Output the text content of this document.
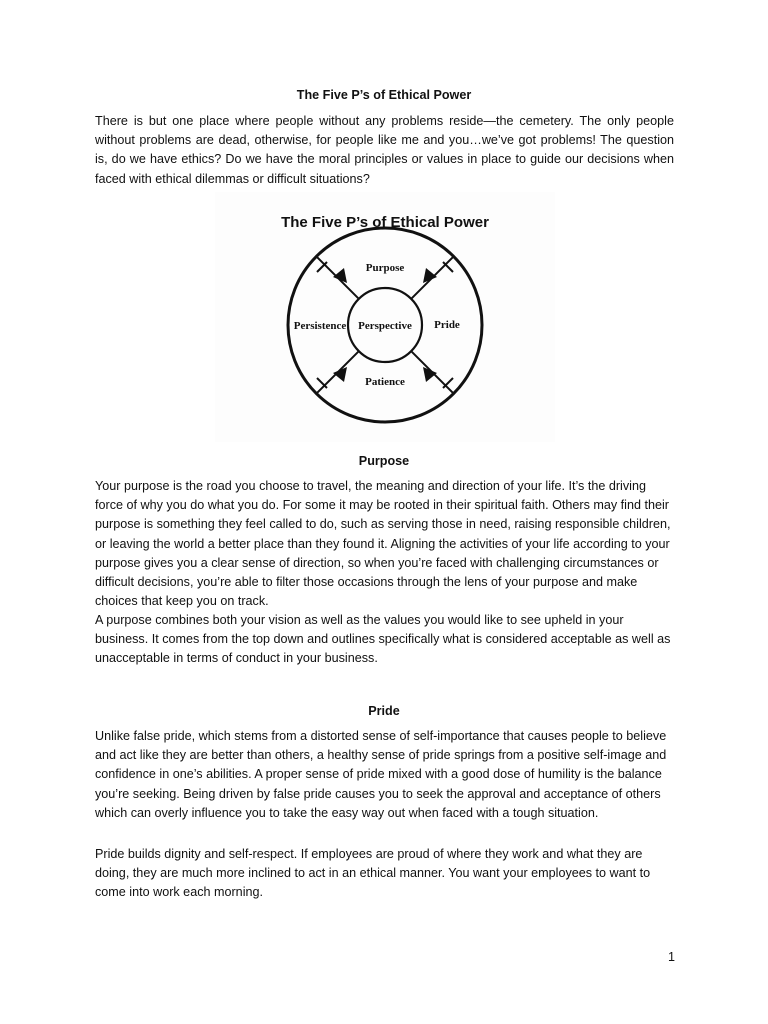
The Five P’s of Ethical Power

There is but one place where people without any problems reside—the cemetery. The only people without problems are dead, otherwise, for people like me and you…we’ve got problems! The question is, do we have ethics? Do we have the moral principles or values in place to guide our decisions when faced with ethical dilemmas or difficult situations?

The Five P’s of Ethical Power
Purpose
Perspective
Persistence	Pride
Patience
Purpose

Your purpose is the road you choose to travel, the meaning and direction of your life. It’s the driving force of why you do what you do. For some it may be rooted in their spiritual faith. Others may find their purpose is something they feel called to do, such as serving those in need, raising responsible children, or leaving the world a better place than they found it. Aligning the activities of your life according to your purpose gives you a clear sense of direction, so when you’re faced with challenging circumstances or difficult decisions, you’re able to filter those occasions through the lens of your purpose and make choices that keep you on track.

A purpose combines both your vision as well as the values you would like to see upheld in your business. It comes from the top down and outlines specifically what is considered acceptable as well as unacceptable in terms of conduct in your business.

Pride

Unlike false pride, which stems from a distorted sense of self-importance that causes people to believe and act like they are better than others, a healthy sense of pride springs from a positive self-image and confidence in one’s abilities. A proper sense of pride mixed with a good dose of humility is the balance you’re seeking. Being driven by false pride causes you to seek the approval and acceptance of others which can overly influence you to take the easy way out when faced with a tough situation.

Pride builds dignity and self-respect. If employees are proud of where they work and what they are doing, they are much more inclined to act in an ethical manner. You want your employees to want to come into work each morning.

1
